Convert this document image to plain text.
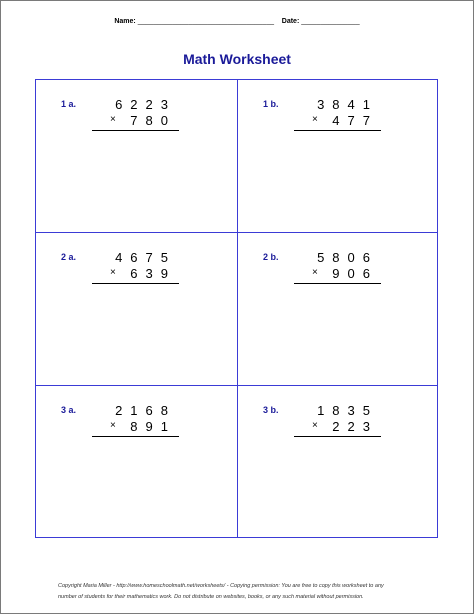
Name: ___________________________________ Date: _______________
Math Worksheet
1 a.	6223
×	780
1 b.	3841
×	477
2 a.	4675
×	639
2 b.	5806
×	906
3 a.	2168
×	891
3 b.	1835
×	223
Copyright Maria Miller - http://www.homeschoolmath.net/worksheets/ - Copying permission: You are free to copy this worksheet to any
number of students for their mathematics work. Do not distribute on websites, books, or any such material without permission.
